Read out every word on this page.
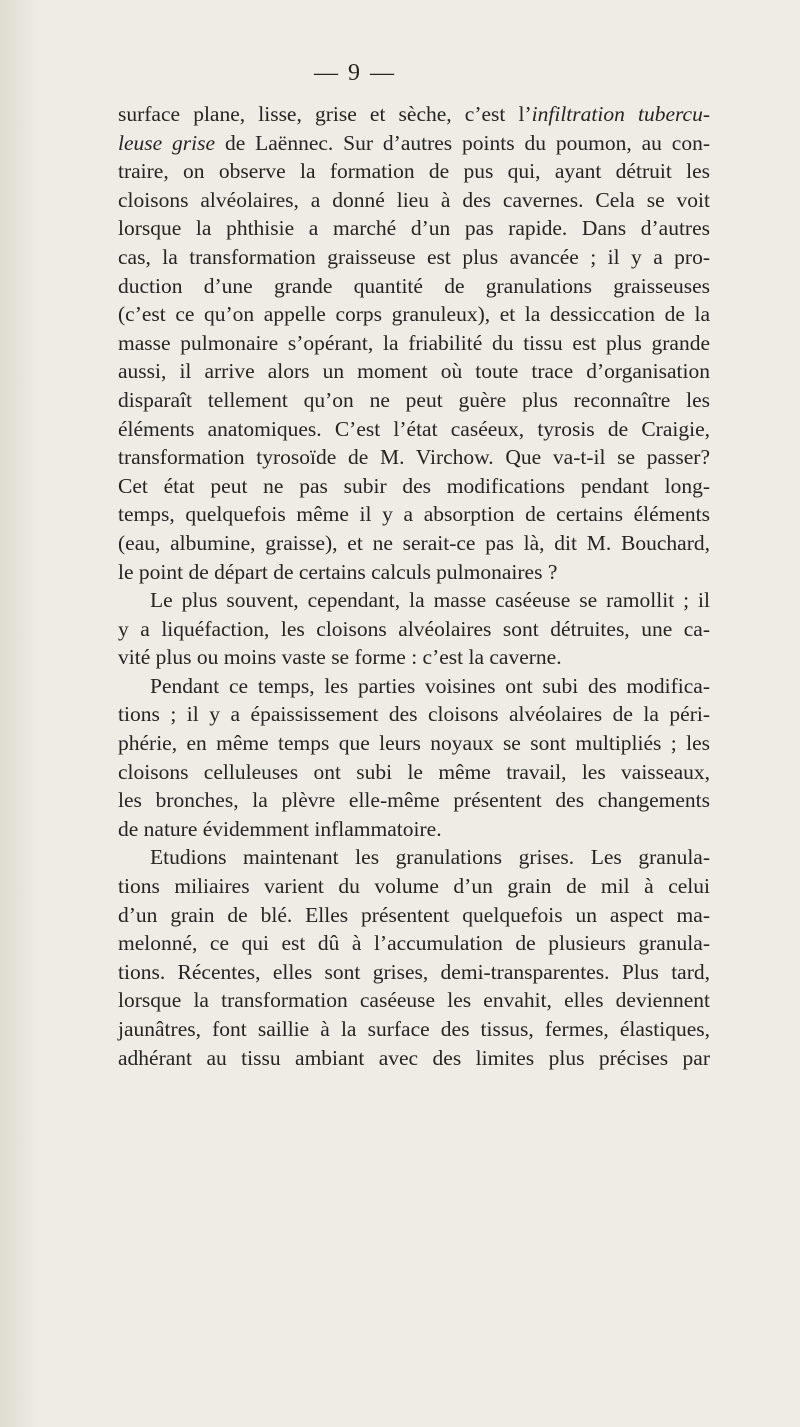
— 9 —
surface plane, lisse, grise et sèche, c’est l’infiltration tubercu-
leuse grise de Laënnec. Sur d’autres points du poumon, au con-
traire, on observe la formation de pus qui, ayant détruit les
cloisons alvéolaires, a donné lieu à des cavernes. Cela se voit
lorsque la phthisie a marché d’un pas rapide. Dans d’autres
cas, la transformation graisseuse est plus avancée ; il y a pro-
duction d’une grande quantité de granulations graisseuses
(c’est ce qu’on appelle corps granuleux), et la dessiccation de la
masse pulmonaire s’opérant, la friabilité du tissu est plus grande
aussi, il arrive alors un moment où toute trace d’organisation
disparaît tellement qu’on ne peut guère plus reconnaître les
éléments anatomiques. C’est l’état caséeux, tyrosis de Craigie,
transformation tyrosoïde de M. Virchow. Que va-t-il se passer?
Cet état peut ne pas subir des modifications pendant long-
temps, quelquefois même il y a absorption de certains éléments
(eau, albumine, graisse), et ne serait-ce pas là, dit M. Bouchard,
le point de départ de certains calculs pulmonaires ?
Le plus souvent, cependant, la masse caséeuse se ramollit ; il
y a liquéfaction, les cloisons alvéolaires sont détruites, une ca-
vité plus ou moins vaste se forme : c’est la caverne.
Pendant ce temps, les parties voisines ont subi des modifica-
tions ; il y a épaississement des cloisons alvéolaires de la péri-
phérie, en même temps que leurs noyaux se sont multipliés ; les
cloisons celluleuses ont subi le même travail, les vaisseaux,
les bronches, la plèvre elle-même présentent des changements
de nature évidemment inflammatoire.
Etudions maintenant les granulations grises. Les granula-
tions miliaires varient du volume d’un grain de mil à celui
d’un grain de blé. Elles présentent quelquefois un aspect ma-
melonné, ce qui est dû à l’accumulation de plusieurs granula-
tions. Récentes, elles sont grises, demi-transparentes. Plus tard,
lorsque la transformation caséeuse les envahit, elles deviennent
jaunâtres, font saillie à la surface des tissus, fermes, élastiques,
adhérant au tissu ambiant avec des limites plus précises par
